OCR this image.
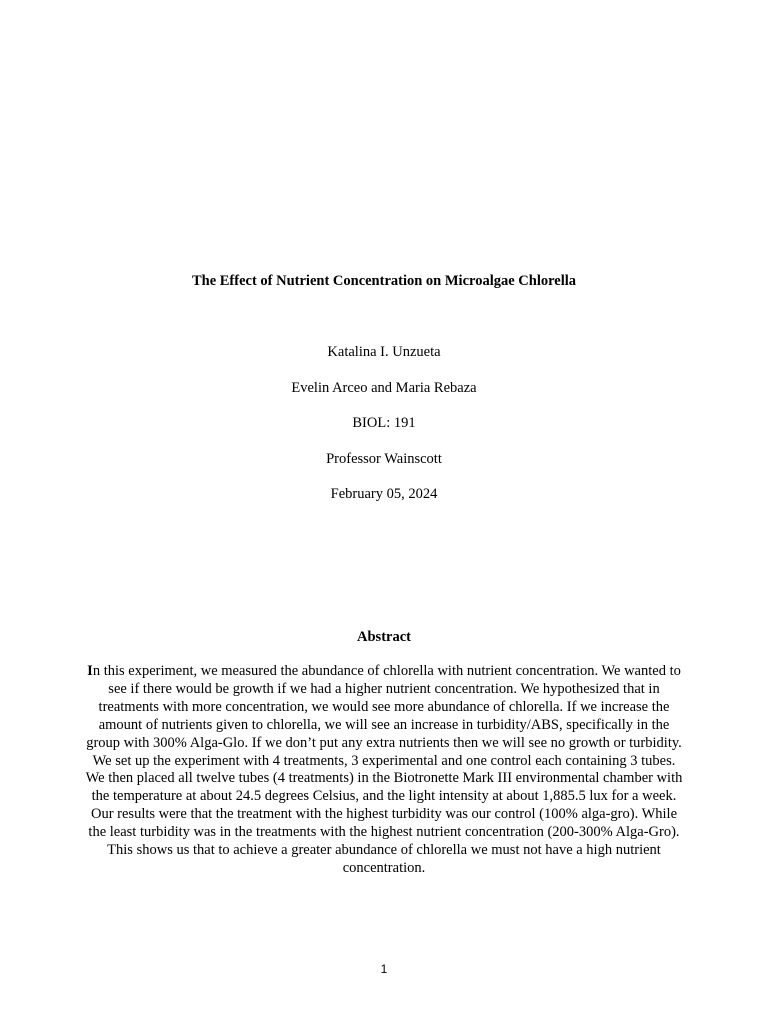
The Effect of Nutrient Concentration on Microalgae Chlorella
Katalina I. Unzueta
Evelin Arceo and Maria Rebaza
BIOL: 191
Professor Wainscott
February 05, 2024
Abstract
In this experiment, we measured the abundance of chlorella with nutrient concentration. We wanted to see if there would be growth if we had a higher nutrient concentration. We hypothesized that in treatments with more concentration, we would see more abundance of chlorella. If we increase the amount of nutrients given to chlorella, we will see an increase in turbidity/ABS, specifically in the group with 300% Alga-Glo. If we don’t put any extra nutrients then we will see no growth or turbidity. We set up the experiment with 4 treatments, 3 experimental and one control each containing 3 tubes. We then placed all twelve tubes (4 treatments) in the Biotronette Mark III environmental chamber with the temperature at about 24.5 degrees Celsius, and the light intensity at about 1,885.5 lux for a week. Our results were that the treatment with the highest turbidity was our control (100% alga-gro). While the least turbidity was in the treatments with the highest nutrient concentration (200-300% Alga-Gro). This shows us that to achieve a greater abundance of chlorella we must not have a high nutrient concentration.
1
